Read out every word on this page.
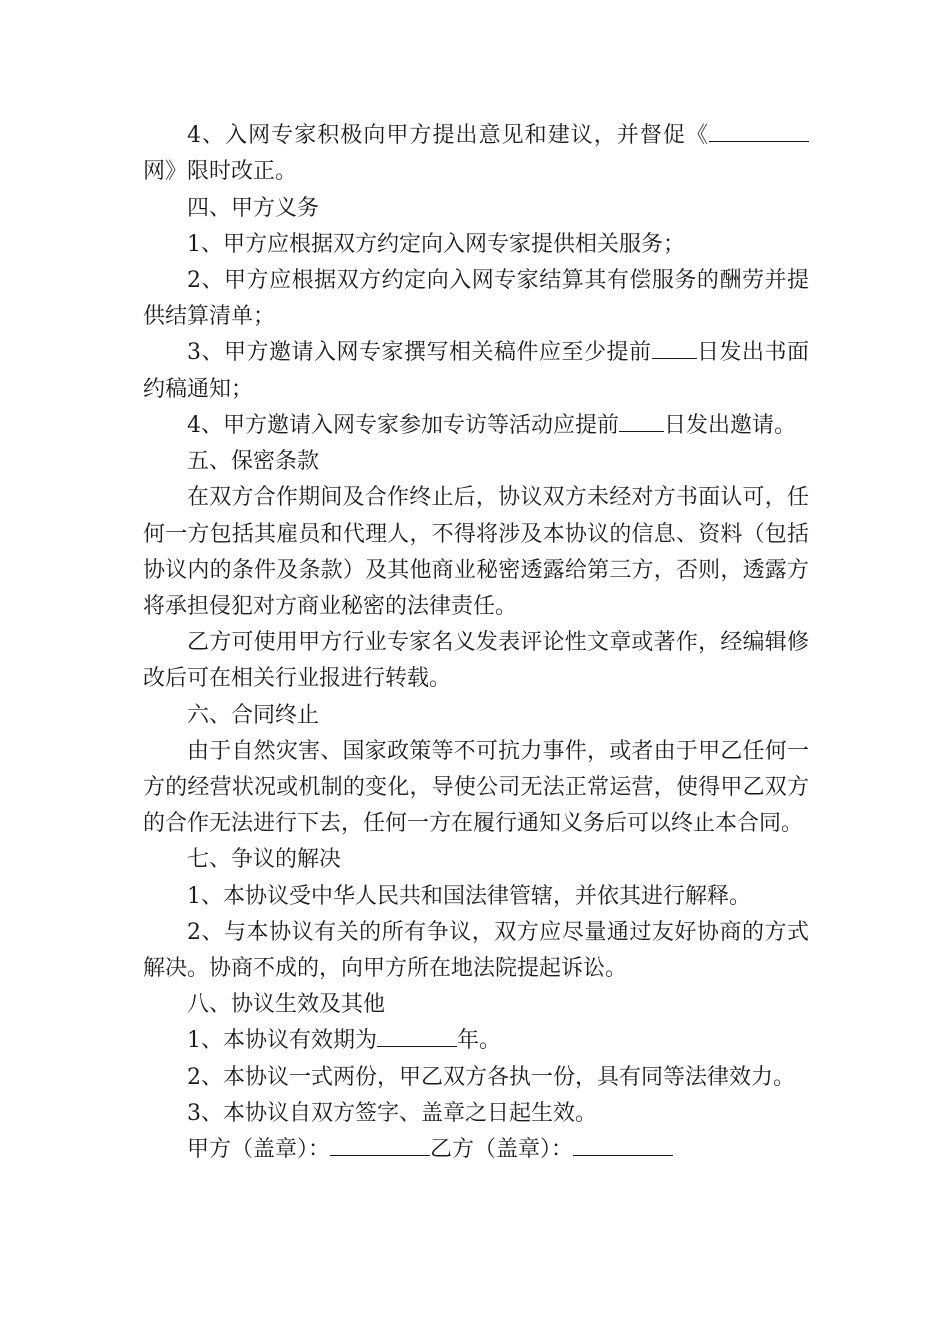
4、入网专家积极向甲方提出意见和建议，并督促《网》限时改正。

四、甲方义务

1、甲方应根据双方约定向入网专家提供相关服务；

2、甲方应根据双方约定向入网专家结算其有偿服务的酬劳并提供结算清单；

3、甲方邀请入网专家撰写相关稿件应至少提前 日发出书面约稿通知；

4、甲方邀请入网专家参加专访等活动应提前 日发出邀请。

五、保密条款

在双方合作期间及合作终止后，协议双方未经对方书面认可，任何一方包括其雇员和代理人，不得将涉及本协议的信息、资料（包括协议内的条件及条款）及其他商业秘密透露给第三方，否则，透露方将承担侵犯对方商业秘密的法律责任。

乙方可使用甲方行业专家名义发表评论性文章或著作，经编辑修改后可在相关行业报进行转载。

六、合同终止

由于自然灾害、国家政策等不可抗力事件，或者由于甲乙任何一方的经营状况或机制的变化，导使公司无法正常运营，使得甲乙双方的合作无法进行下去，任何一方在履行通知义务后可以终止本合同。

七、争议的解决

1、本协议受中华人民共和国法律管辖，并依其进行解释。

2、与本协议有关的所有争议，双方应尽量通过友好协商的方式解决。协商不成的，向甲方所在地法院提起诉讼。

八、协议生效及其他

1、本协议有效期为	年。

2、本协议一式两份，甲乙双方各执一份，具有同等法律效力。

3、本协议自双方签字、盖章之日起生效。

甲方（盖章）：	乙方（盖章）：
